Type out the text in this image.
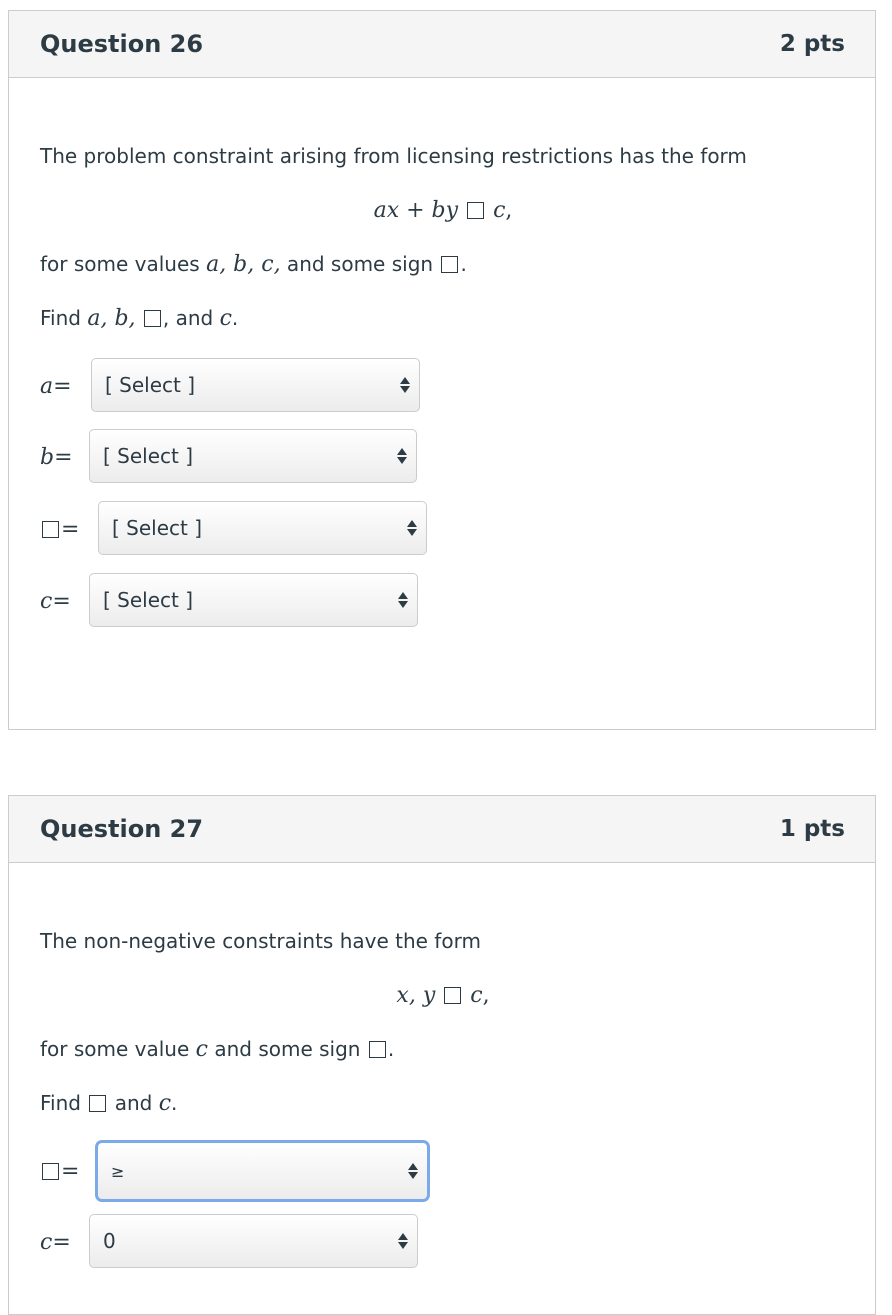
Question 26	2 pts
The problem constraint arising from licensing restrictions has the form
ax + by c,
for some values a, b, c, and some sign .
Find a, b, , and c.
a = [ Select ]
b = [ Select ]
= [ Select ]
c = [ Select ]
Question 27	1 pts
The non-negative constraints have the form
x, y c,
for some value c and some sign .
Find  and c.
= ≥
c = 0
